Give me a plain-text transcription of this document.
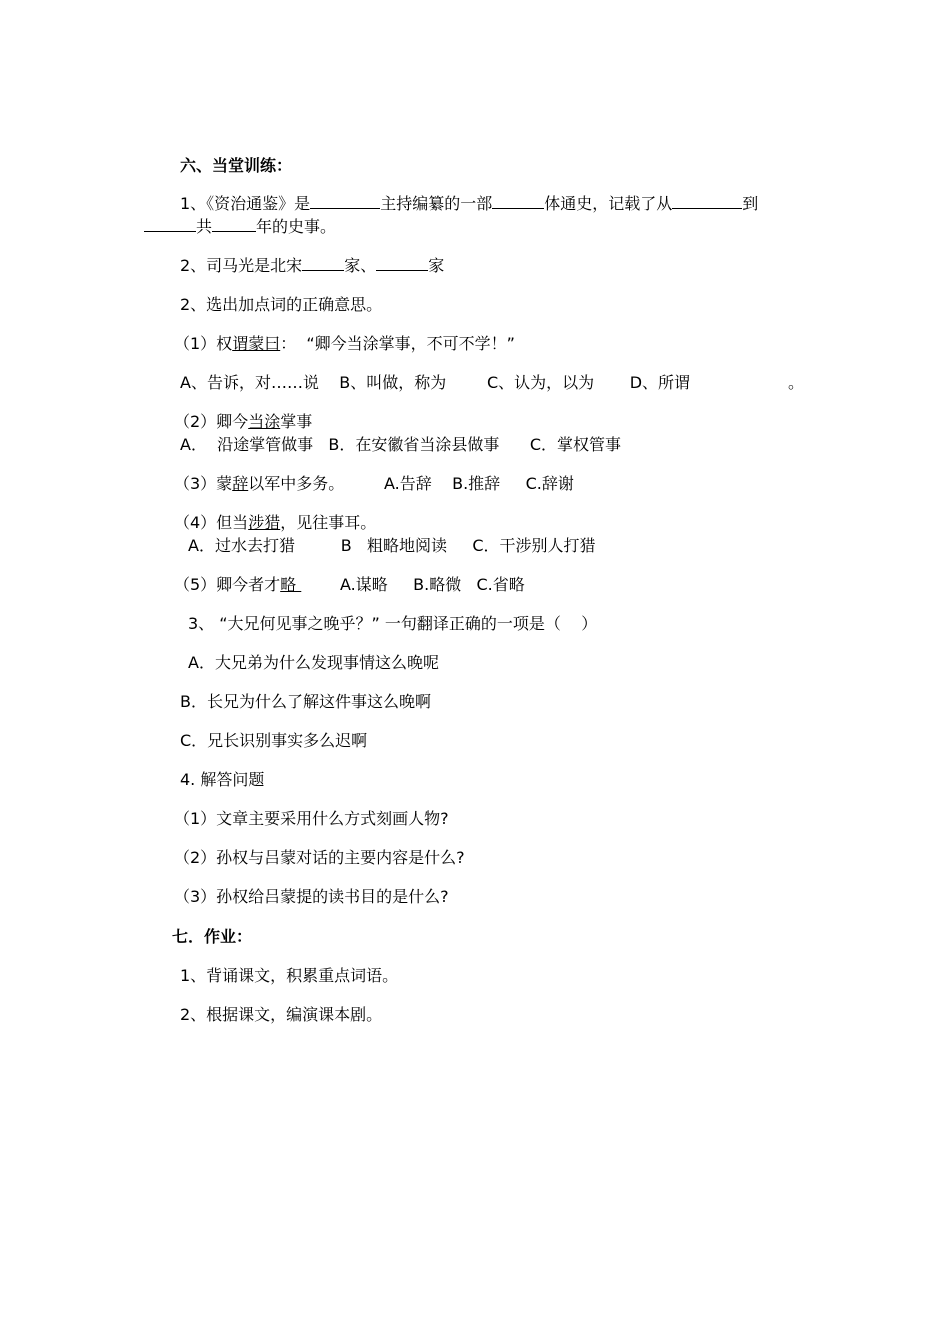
六、当堂训练：
1、《资治通鉴》是	主持编纂的一部	体通史，记载了从	到
共	年的史事。
2、司马光是北宋	家、	家
2、选出加点词的正确意思。
（1）权谓蒙曰：  “卿今当涂掌事，不可不学！”
A、告诉，对……说    B、叫做，称为        C、认为，以为       D、所谓	。
（2）卿今当涂掌事
A．  沿途掌管做事   B．在安徽省当涂县做事      C．掌权管事
（3）蒙辞以军中多务。 A.告辞    B.推辞     C.辞谢
（4）但当涉猎，见往事耳。
A．过水去打猎         B   粗略地阅读     C．干涉别人打猎
（5）卿今者才略 A.谋略     B.略微   C.省略
3、 “大兄何见事之晚乎？” 一句翻译正确的一项是（    ）
A．大兄弟为什么发现事情这么晚呢
B．长兄为什么了解这件事这么晚啊
C．兄长识别事实多么迟啊
4. 解答问题
（1）文章主要采用什么方式刻画人物?
（2）孙权与吕蒙对话的主要内容是什么?
（3）孙权给吕蒙提的读书目的是什么?
七．作业：
1、背诵课文，积累重点词语。
2、根据课文，编演课本剧。
